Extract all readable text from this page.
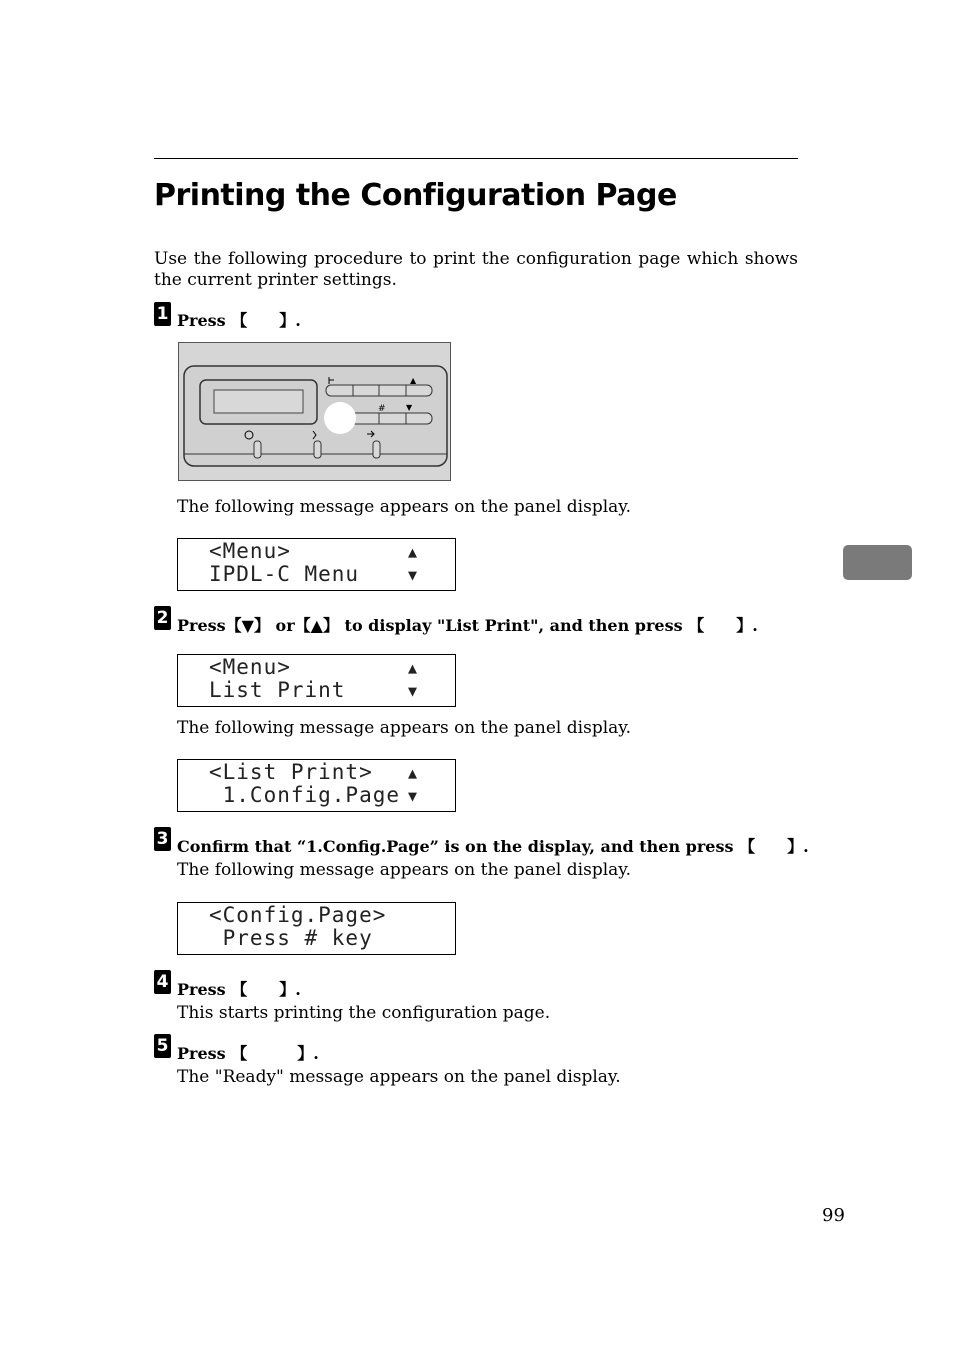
Printing the Configuration Page

Use the following procedure to print the configuration page which shows the current printer settings.

1 Press 【 】.
▲
▼
#
The following message appears on the panel display.
<Menu>
IPDL-C Menu
▲
▼
2 Press【▼】 or【▲】 to display "List Print", and then press 【 】.
<Menu>
List Print
▲
▼
The following message appears on the panel display.
<List Print>
1.Config.Page
▲
▼
3 Confirm that “1.Config.Page” is on the display, and then press 【 】.
The following message appears on the panel display.
<Config.Page>
Press # key
4 Press 【 】.
This starts printing the configuration page.
5 Press 【	】.
The "Ready" message appears on the panel display.
99
